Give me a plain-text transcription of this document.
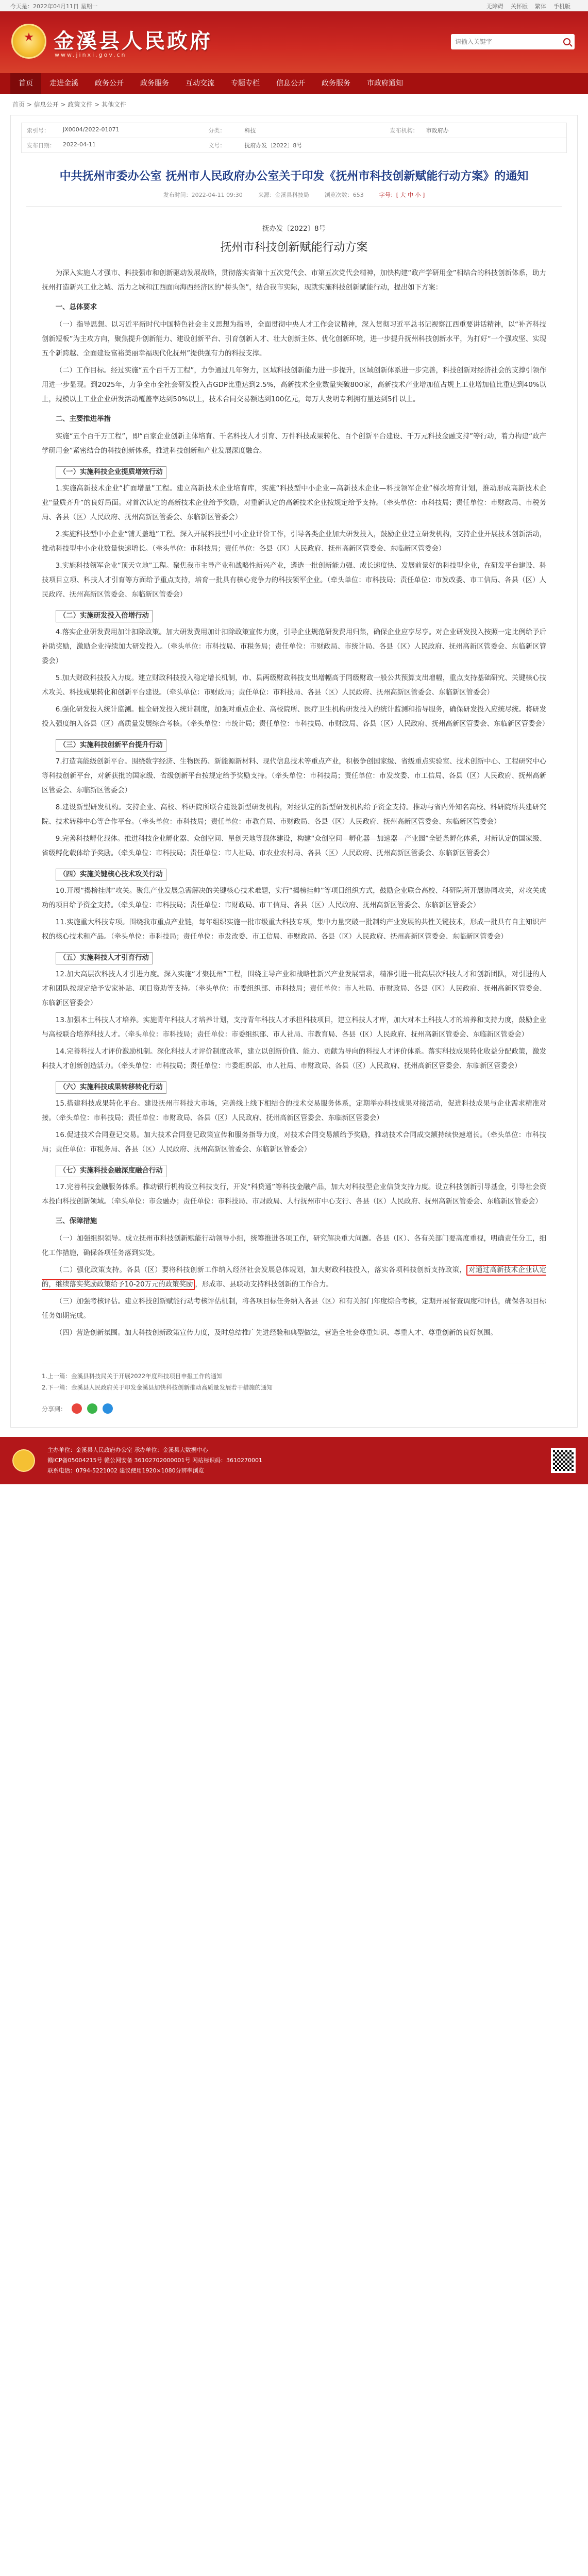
今天是：2022年04月11日 星期一	无障碍 关怀版 繁体 手机版
金溪县人民政府
www.jinxi.gov.cn
请输入关键字
首页	走进金溪	政务公开	政务服务	互动交流	专题专栏	信息公开	政务服务	市政府通知
首页 > 信息公开 > 政策文件 > 其他文件
索引号：	JX0004/2022-01071	分类：	科技	发布机构：	市政府办
发布日期：	2022-04-11	文号：	抚府办发〔2022〕8号
中共抚州市委办公室 抚州市人民政府办公室关于印发《抚州市科技创新赋能行动方案》的通知
发布时间：2022-04-11 09:30	来源：金溪县科技局	浏览次数：653	字号：[ 大 中 小 ]

抚办发〔2022〕8号

抚州市科技创新赋能行动方案

为深入实施人才强市、科技强市和创新驱动发展战略，贯彻落实省第十五次党代会、市第五次党代会精神，加快构建“政产学研用金”相结合的科技创新体系，助力抚州打造新兴工业之城、活力之城和江西面向海西经济区的“桥头堡”，结合我市实际，现就实施科技创新赋能行动，提出如下方案：

一、总体要求

（一）指导思想。以习近平新时代中国特色社会主义思想为指导，全面贯彻中央人才工作会议精神，深入贯彻习近平总书记视察江西重要讲话精神，以“补齐科技创新短板”为主攻方向，聚焦提升创新能力、建设创新平台、引育创新人才、壮大创新主体、优化创新环境，进一步提升抚州科技创新水平，为打好“一个强攻坚、实现五个新跨越、全面建设富裕美丽幸福现代化抚州”提供强有力的科技支撑。

（二）工作目标。经过实施“五个百千万工程”，力争通过几年努力，区域科技创新能力进一步提升，区域创新体系进一步完善，科技创新对经济社会的支撑引领作用进一步显现。到2025年，力争全市全社会研发投入占GDP比重达到2.5%，高新技术企业数量突破800家，高新技术产业增加值占规上工业增加值比重达到40%以上，规模以上工业企业研发活动覆盖率达到50%以上，技术合同交易额达到100亿元，每万人发明专利拥有量达到5件以上。

二、主要推进举措

实施“五个百千万工程”，即“百家企业创新主体培育、千名科技人才引育、万件科技成果转化、百个创新平台建设、千万元科技金融支持”等行动，着力构建“政产学研用金”紧密结合的科技创新体系，推进科技创新和产业发展深度融合。

（一）实施科技企业提质增效行动

1.实施高新技术企业“扩面增量”工程。建立高新技术企业培育库，实施“科技型中小企业—高新技术企业—科技领军企业”梯次培育计划，推动形成高新技术企业“量质齐升”的良好局面。对首次认定的高新技术企业给予奖励，对重新认定的高新技术企业按规定给予支持。（牵头单位：市科技局；责任单位：市财政局、市税务局、各县（区）人民政府、抚州高新区管委会、东临新区管委会）

2.实施科技型中小企业“铺天盖地”工程。深入开展科技型中小企业评价工作，引导各类企业加大研发投入，鼓励企业建立研发机构，支持企业开展技术创新活动，推动科技型中小企业数量快速增长。（牵头单位：市科技局；责任单位：各县（区）人民政府、抚州高新区管委会、东临新区管委会）

3.实施科技领军企业“顶天立地”工程。聚焦我市主导产业和战略性新兴产业，遴选一批创新能力强、成长速度快、发展前景好的科技型企业，在研发平台建设、科技项目立项、科技人才引育等方面给予重点支持，培育一批具有核心竞争力的科技领军企业。（牵头单位：市科技局；责任单位：市发改委、市工信局、各县（区）人民政府、抚州高新区管委会、东临新区管委会）

（二）实施研发投入倍增行动

4.落实企业研发费用加计扣除政策。加大研发费用加计扣除政策宣传力度，引导企业规范研发费用归集，确保企业应享尽享。对企业研发投入按照一定比例给予后补助奖励，激励企业持续加大研发投入。（牵头单位：市科技局、市税务局；责任单位：市财政局、市统计局、各县（区）人民政府、抚州高新区管委会、东临新区管委会）

5.加大财政科技投入力度。建立财政科技投入稳定增长机制，市、县两级财政科技支出增幅高于同级财政一般公共预算支出增幅，重点支持基础研究、关键核心技术攻关、科技成果转化和创新平台建设。（牵头单位：市财政局；责任单位：市科技局、各县（区）人民政府、抚州高新区管委会、东临新区管委会）

6.强化研发投入统计监测。健全研发投入统计制度，加强对重点企业、高校院所、医疗卫生机构研发投入的统计监测和指导服务，确保研发投入应统尽统。将研发投入强度纳入各县（区）高质量发展综合考核。（牵头单位：市统计局；责任单位：市科技局、市财政局、各县（区）人民政府、抚州高新区管委会、东临新区管委会）

（三）实施科技创新平台提升行动

7.打造高能级创新平台。围绕数字经济、生物医药、新能源新材料、现代信息技术等重点产业，积极争创国家级、省级重点实验室、技术创新中心、工程研究中心等科技创新平台，对新获批的国家级、省级创新平台按规定给予奖励支持。（牵头单位：市科技局；责任单位：市发改委、市工信局、各县（区）人民政府、抚州高新区管委会、东临新区管委会）

8.建设新型研发机构。支持企业、高校、科研院所联合建设新型研发机构，对经认定的新型研发机构给予资金支持。推动与省内外知名高校、科研院所共建研究院、技术转移中心等合作平台。（牵头单位：市科技局；责任单位：市教育局、市财政局、各县（区）人民政府、抚州高新区管委会、东临新区管委会）

9.完善科技孵化载体。推进科技企业孵化器、众创空间、星创天地等载体建设，构建“众创空间—孵化器—加速器—产业园”全链条孵化体系，对新认定的国家级、省级孵化载体给予奖励。（牵头单位：市科技局；责任单位：市人社局、市农业农村局、各县（区）人民政府、抚州高新区管委会、东临新区管委会）

（四）实施关键核心技术攻关行动

10.开展“揭榜挂帅”攻关。聚焦产业发展急需解决的关键核心技术难题，实行“揭榜挂帅”等项目组织方式，鼓励企业联合高校、科研院所开展协同攻关，对攻关成功的项目给予资金支持。（牵头单位：市科技局；责任单位：市财政局、市工信局、各县（区）人民政府、抚州高新区管委会、东临新区管委会）

11.实施重大科技专项。围绕我市重点产业链，每年组织实施一批市级重大科技专项，集中力量突破一批制约产业发展的共性关键技术，形成一批具有自主知识产权的核心技术和产品。（牵头单位：市科技局；责任单位：市发改委、市工信局、市财政局、各县（区）人民政府、抚州高新区管委会、东临新区管委会）

（五）实施科技人才引育行动

12.加大高层次科技人才引进力度。深入实施“才聚抚州”工程，围绕主导产业和战略性新兴产业发展需求，精准引进一批高层次科技人才和创新团队，对引进的人才和团队按规定给予安家补贴、项目资助等支持。（牵头单位：市委组织部、市科技局；责任单位：市人社局、市财政局、各县（区）人民政府、抚州高新区管委会、东临新区管委会）

13.加强本土科技人才培养。实施青年科技人才培养计划，支持青年科技人才承担科技项目，建立科技人才库，加大对本土科技人才的培养和支持力度，鼓励企业与高校联合培养科技人才。（牵头单位：市科技局；责任单位：市委组织部、市人社局、市教育局、各县（区）人民政府、抚州高新区管委会、东临新区管委会）

14.完善科技人才评价激励机制。深化科技人才评价制度改革，建立以创新价值、能力、贡献为导向的科技人才评价体系。落实科技成果转化收益分配政策，激发科技人才创新创造活力。（牵头单位：市科技局；责任单位：市委组织部、市人社局、市财政局、各县（区）人民政府、抚州高新区管委会、东临新区管委会）

（六）实施科技成果转移转化行动

15.搭建科技成果转化平台。建设抚州市科技大市场，完善线上线下相结合的技术交易服务体系，定期举办科技成果对接活动，促进科技成果与企业需求精准对接。（牵头单位：市科技局；责任单位：市财政局、各县（区）人民政府、抚州高新区管委会、东临新区管委会）

16.促进技术合同登记交易。加大技术合同登记政策宣传和服务指导力度，对技术合同交易额给予奖励，推动技术合同成交额持续快速增长。（牵头单位：市科技局；责任单位：市税务局、各县（区）人民政府、抚州高新区管委会、东临新区管委会）

（七）实施科技金融深度融合行动

17.完善科技金融服务体系。推动银行机构设立科技支行，开发“科贷通”等科技金融产品，加大对科技型企业信贷支持力度。设立科技创新引导基金，引导社会资本投向科技创新领域。（牵头单位：市金融办；责任单位：市科技局、市财政局、人行抚州市中心支行、各县（区）人民政府、抚州高新区管委会、东临新区管委会）

三、保障措施

（一）加强组织领导。成立抚州市科技创新赋能行动领导小组，统筹推进各项工作，研究解决重大问题。各县（区）、各有关部门要高度重视，明确责任分工，细化工作措施，确保各项任务落到实处。

（二）强化政策支持。各县（区）要将科技创新工作纳入经济社会发展总体规划，加大财政科技投入，落实各项科技创新支持政策， 对通过高新技术企业认定的，继续落实奖励政策给予10-20万元的政策奖励 ，形成市、县联动支持科技创新的工作合力。

（三）加强考核评估。建立科技创新赋能行动考核评估机制，将各项目标任务纳入各县（区）和有关部门年度综合考核，定期开展督查调度和评估，确保各项目标任务如期完成。

（四）营造创新氛围。加大科技创新政策宣传力度，及时总结推广先进经验和典型做法，营造全社会尊重知识、尊重人才、尊重创新的良好氛围。

1.上一篇：金溪县科技局关于开展2022年度科技项目申报工作的通知
2.下一篇：金溪县人民政府关于印发金溪县加快科技创新推动高质量发展若干措施的通知
分享到：
主办单位：金溪县人民政府办公室 承办单位：金溪县大数据中心
赣ICP备05004215号 赣公网安备 36102702000001号 网站标识码：3610270001
联系电话：0794-5221002 建议使用1920×1080分辨率浏览
